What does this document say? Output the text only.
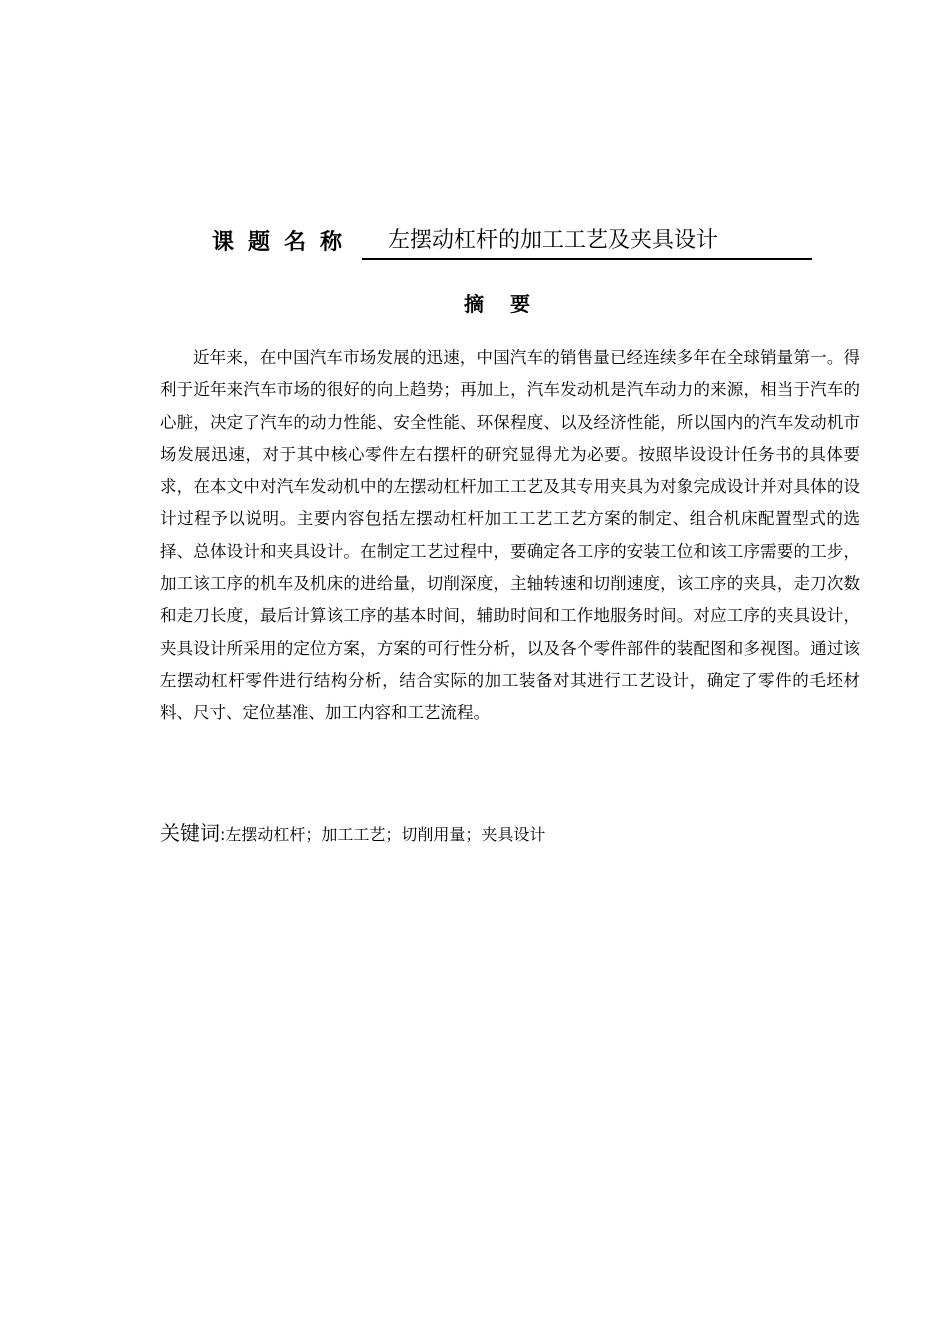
课题名称	左摆动杠杆的加工工艺及夹具设计
摘要

近年来，在中国汽车市场发展的迅速，中国汽车的销售量已经连续多年在全球销量第一。得利于近年来汽车市场的很好的向上趋势；再加上，汽车发动机是汽车动力的来源，相当于汽车的心脏，决定了汽车的动力性能、安全性能、环保程度、以及经济性能，所以国内的汽车发动机市场发展迅速，对于其中核心零件左右摆杆的研究显得尤为必要。按照毕设设计任务书的具体要求，在本文中对汽车发动机中的左摆动杠杆加工工艺及其专用夹具为对象完成设计并对具体的设计过程予以说明。主要内容包括左摆动杠杆加工工艺工艺方案的制定、组合机床配置型式的选择、总体设计和夹具设计。在制定工艺过程中，要确定各工序的安装工位和该工序需要的工步，加工该工序的机车及机床的进给量，切削深度，主轴转速和切削速度，该工序的夹具，走刀次数和走刀长度，最后计算该工序的基本时间，辅助时间和工作地服务时间。对应工序的夹具设计，夹具设计所采用的定位方案，方案的可行性分析，以及各个零件部件的装配图和多视图。通过该左摆动杠杆零件进行结构分析，结合实际的加工装备对其进行工艺设计，确定了零件的毛坯材料、尺寸、定位基准、加工内容和工艺流程。

关键词:左摆动杠杆；加工工艺；切削用量；夹具设计
